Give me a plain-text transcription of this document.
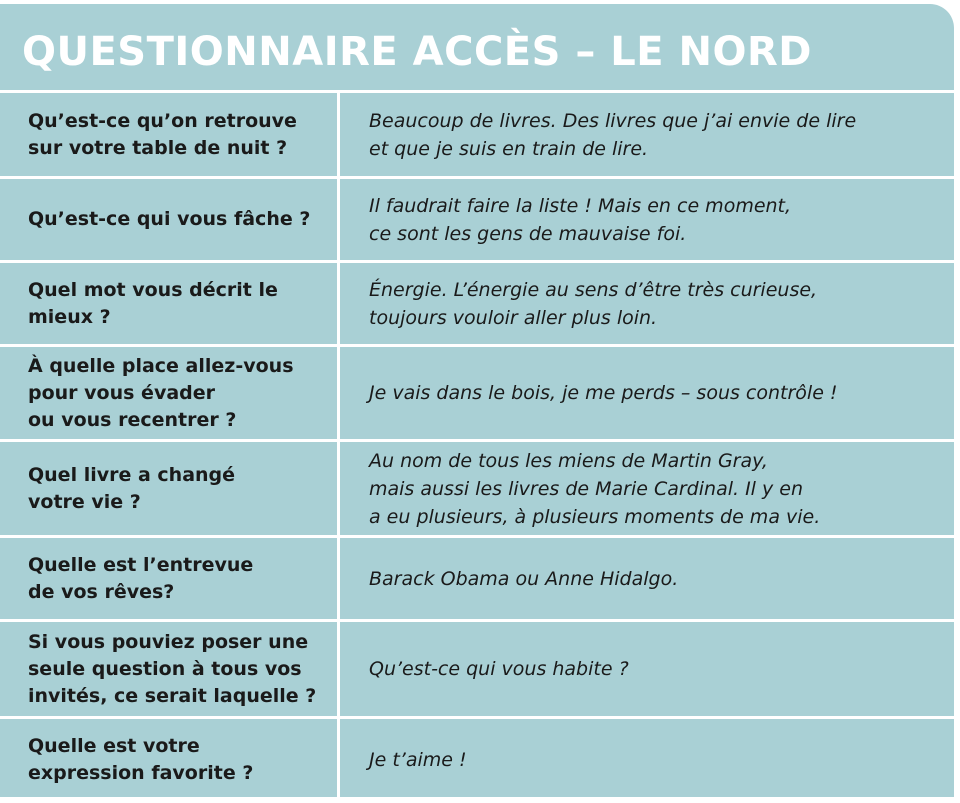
QUESTIONNAIRE ACCÈS – LE NORD
Qu’est-ce qu’on retrouve
sur votre table de nuit ?
Beaucoup de livres. Des livres que j’ai envie de lire
et que je suis en train de lire.
Qu’est-ce qui vous fâche ?
Il faudrait faire la liste ! Mais en ce moment,
ce sont les gens de mauvaise foi.
Quel mot vous décrit le
mieux ?
Énergie. L’énergie au sens d’être très curieuse,
toujours vouloir aller plus loin.
À quelle place allez-vous
pour vous évader
ou vous recentrer ?
Je vais dans le bois, je me perds – sous contrôle !
Quel livre a changé
votre vie ?
Au nom de tous les miens de Martin Gray,
mais aussi les livres de Marie Cardinal. Il y en
a eu plusieurs, à plusieurs moments de ma vie.
Quelle est l’entrevue
de vos rêves?
Barack Obama ou Anne Hidalgo.
Si vous pouviez poser une
seule question à tous vos
invités, ce serait laquelle ?
Qu’est-ce qui vous habite ?
Quelle est votre
expression favorite ?
Je t’aime !
